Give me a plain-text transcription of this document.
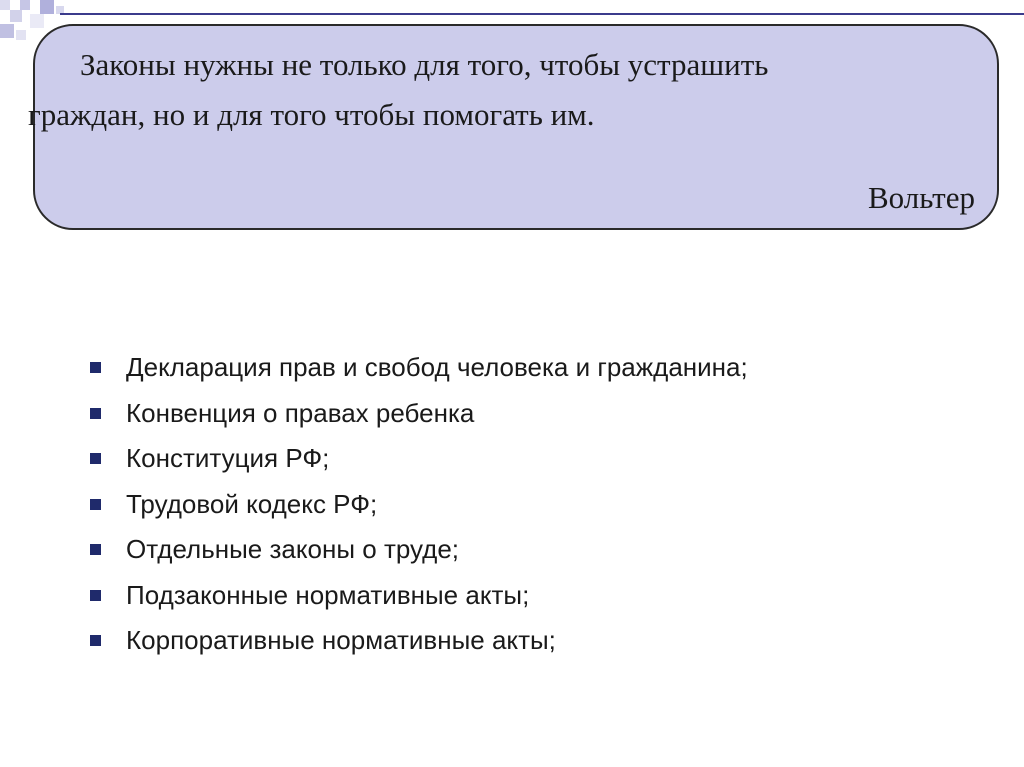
Законы нужны не только для того, чтобы устрашить
граждан, но и для того чтобы помогать им.
Вольтер
Декларация прав и свобод человека и гражданина;
Конвенция о правах ребенка
Конституция РФ;
Трудовой кодекс РФ;
Отдельные законы о труде;
Подзаконные нормативные акты;
Корпоративные нормативные акты;
